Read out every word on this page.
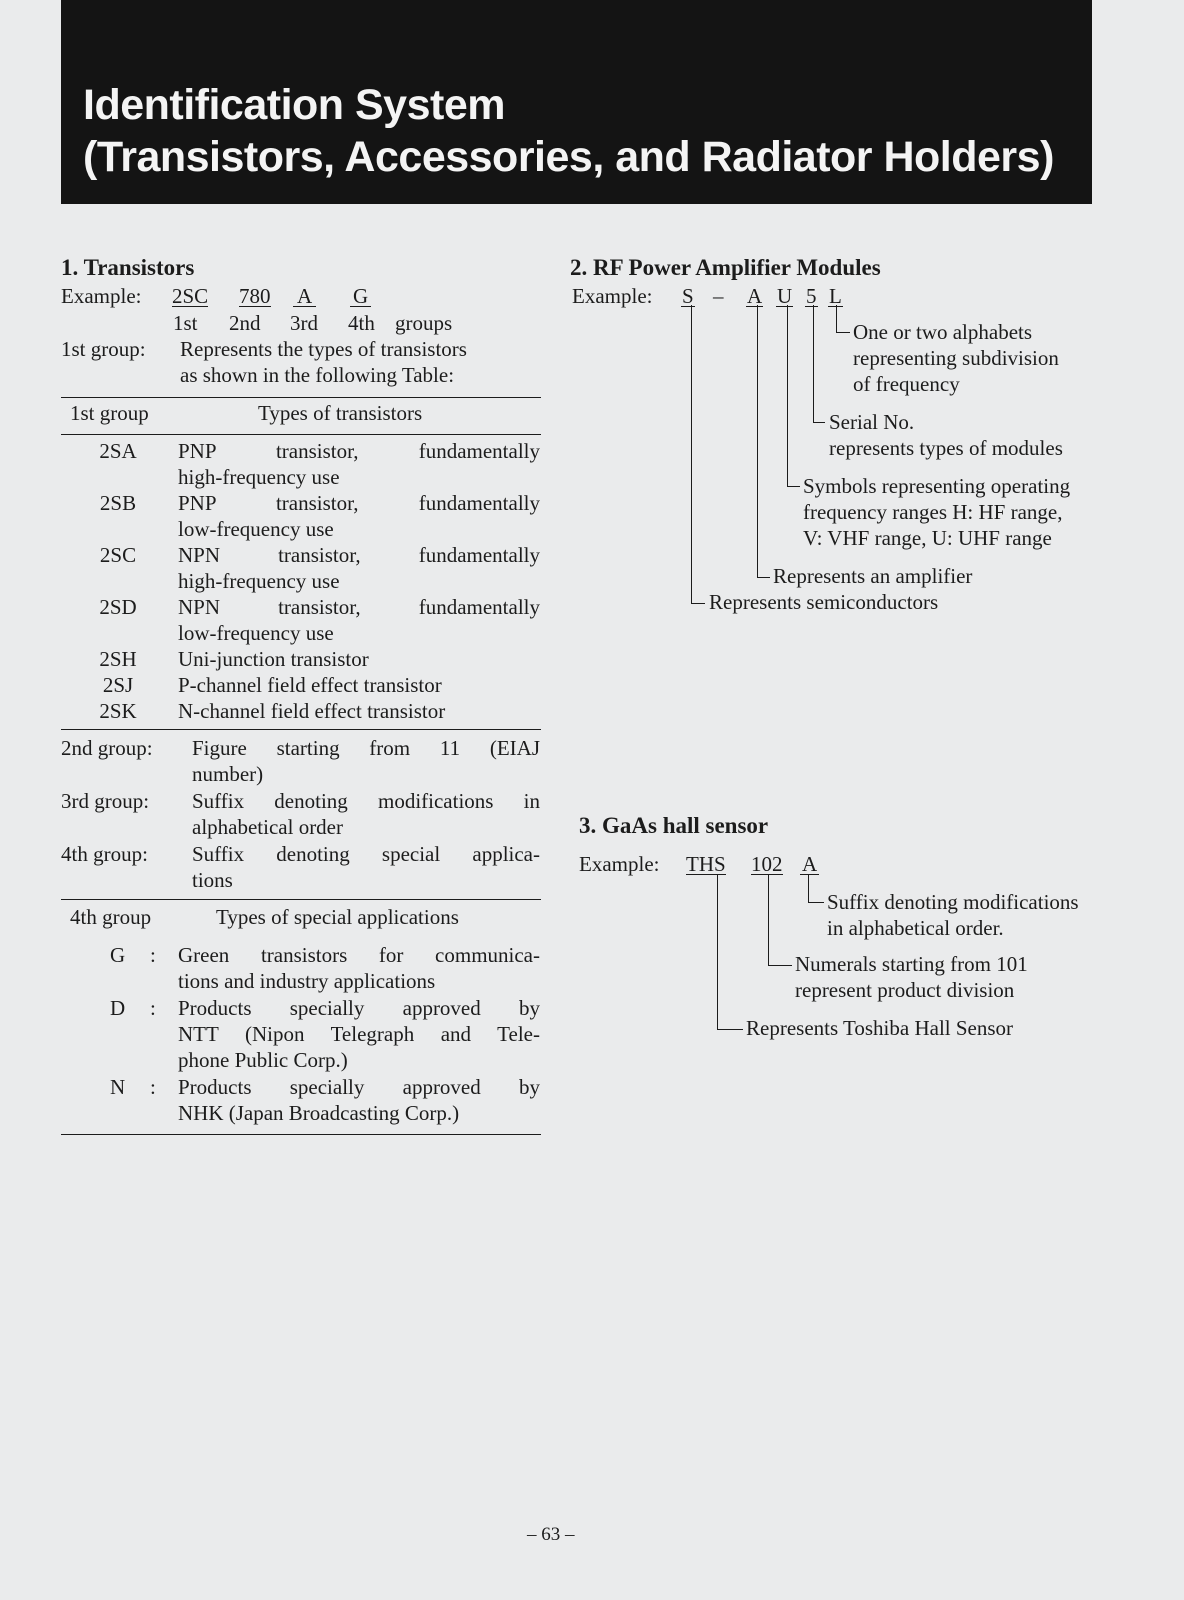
Identification System
(Transistors, Accessories, and Radiator Holders)
1. Transistors
Example: 2SC 780 A G
1st 2nd 3rd 4th groups
1st group: Represents the types of transistors
as shown in the following Table:
1st group	Types of transistors
2SA	PNP transistor, fundamentally
high-frequency use
2SB	PNP transistor, fundamentally
low-frequency use
2SC	NPN transistor, fundamentally
high-frequency use
2SD	NPN transistor, fundamentally
low-frequency use
2SH	Uni-junction transistor
2SJ	P-channel field effect transistor
2SK	N-channel field effect transistor
2nd group: Figure starting from 11 (EIAJ
number)
3rd group: Suffix denoting modifications in
alphabetical order
4th group: Suffix denoting special applica-
tions
4th group	Types of special applications
G : Green transistors for communica-
tions and industry applications
D : Products specially approved by
NTT (Nipon Telegraph and Tele-
phone Public Corp.)
N : Products specially approved by
NHK (Japan Broadcasting Corp.)
2. RF Power Amplifier Modules
Example: S – A U 5 L
One or two alphabets
representing subdivision
of frequency
Serial No.
represents types of modules
Symbols representing operating
frequency ranges H: HF range,
V: VHF range, U: UHF range
Represents an amplifier
Represents semiconductors
3. GaAs hall sensor
Example: THS 102 A
Suffix denoting modifications
in alphabetical order.
Numerals starting from 101
represent product division
Represents Toshiba Hall Sensor
– 63 –
